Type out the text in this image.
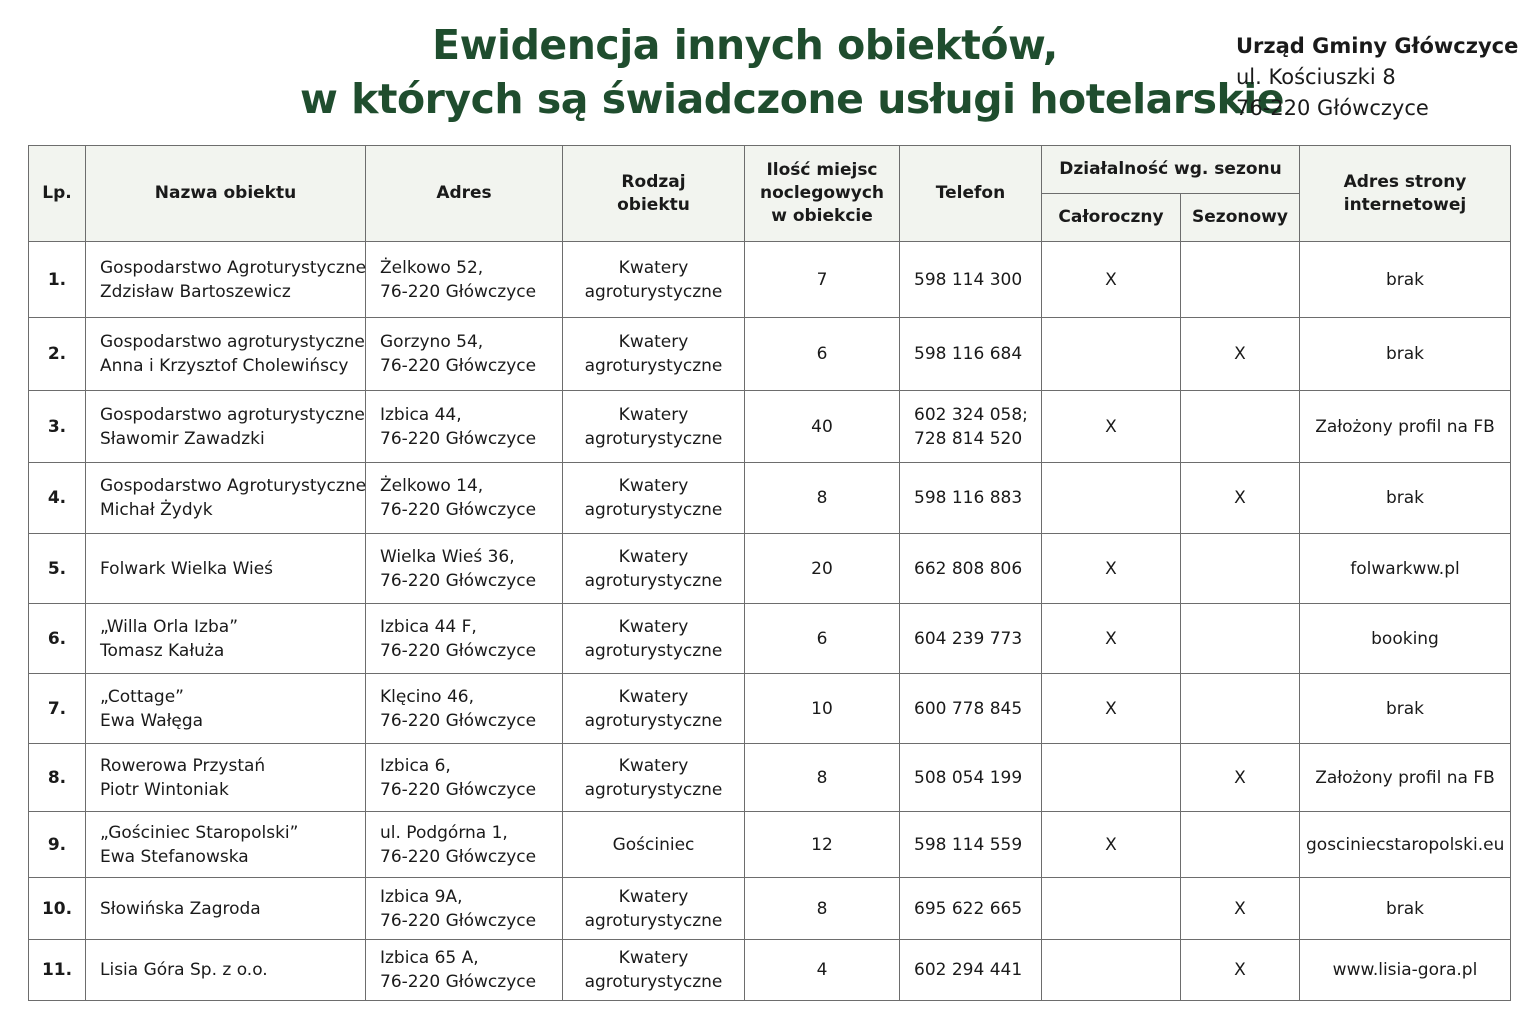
Ewidencja innych obiektów,
w których są świadczone usługi hotelarskie
Urząd Gminy Główczyce
ul. Kościuszki 8
76-220 Główczyce
Lp.	Nazwa obiektu	Adres	Rodzaj
obiektu	Ilość miejsc
noclegowych
w obiekcie	Telefon	Działalność wg. sezonu		Adres strony
internetowej

						Całoroczny	Sezonowy	
1.	Gospodarstwo Agroturystyczne
Zdzisław Bartoszewicz	Żelkowo 52,
76-220 Główczyce	Kwatery
agroturystyczne	7	598 114 300	X		brak
2.	Gospodarstwo agroturystyczne
Anna i Krzysztof Cholewińscy	Gorzyno 54,
76-220 Główczyce	Kwatery
agroturystyczne	6	598 116 684		X	brak
3.	Gospodarstwo agroturystyczne
Sławomir Zawadzki	Izbica 44,
76-220 Główczyce	Kwatery
agroturystyczne	40	602 324 058;
728 814 520	X		Założony profil na FB
4.	Gospodarstwo Agroturystyczne
Michał Żydyk	Żelkowo 14,
76-220 Główczyce	Kwatery
agroturystyczne	8	598 116 883		X	brak
5.	Folwark Wielka Wieś	Wielka Wieś 36,
76-220 Główczyce	Kwatery
agroturystyczne	20	662 808 806	X		folwarkww.pl
6.	„Willa Orla Izba”
Tomasz Kałuża	Izbica 44 F,
76-220 Główczyce	Kwatery
agroturystyczne	6	604 239 773	X		booking
7.	„Cottage”
Ewa Wałęga	Klęcino 46,
76-220 Główczyce	Kwatery
agroturystyczne	10	600 778 845	X		brak
8.	Rowerowa Przystań
Piotr Wintoniak	Izbica 6,
76-220 Główczyce	Kwatery
agroturystyczne	8	508 054 199		X	Założony profil na FB
9.	„Gościniec Staropolski”
Ewa Stefanowska	ul. Podgórna 1,
76-220 Główczyce	Gościniec	12	598 114 559	X		gosciniecstaropolski.eu
10.	Słowińska Zagroda	Izbica 9A,
76-220 Główczyce	Kwatery
agroturystyczne	8	695 622 665		X	brak
11.	Lisia Góra Sp. z o.o.	Izbica 65 A,
76-220 Główczyce	Kwatery
agroturystyczne	4	602 294 441		X	www.lisia-gora.pl
